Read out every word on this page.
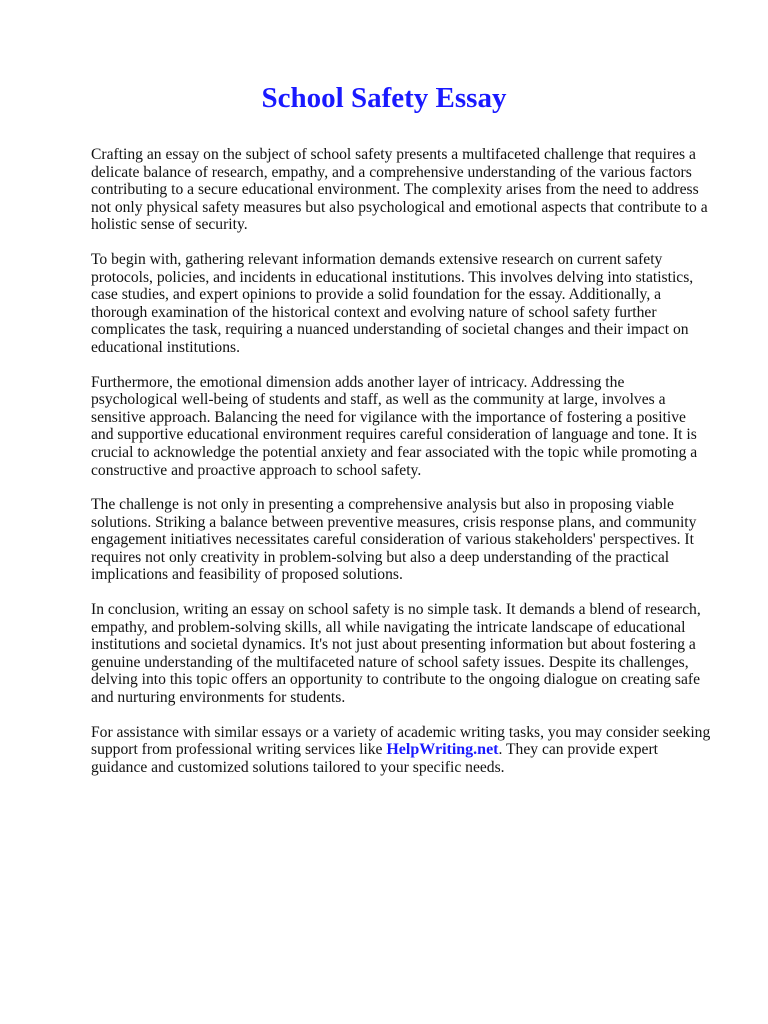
School Safety Essay

Crafting an essay on the subject of school safety presents a multifaceted challenge that requires a delicate balance of research, empathy, and a comprehensive understanding of the various factors contributing to a secure educational environment. The complexity arises from the need to address not only physical safety measures but also psychological and emotional aspects that contribute to a holistic sense of security.

To begin with, gathering relevant information demands extensive research on current safety protocols, policies, and incidents in educational institutions. This involves delving into statistics, case studies, and expert opinions to provide a solid foundation for the essay. Additionally, a thorough examination of the historical context and evolving nature of school safety further complicates the task, requiring a nuanced understanding of societal changes and their impact on educational institutions.

Furthermore, the emotional dimension adds another layer of intricacy. Addressing the psychological well-being of students and staff, as well as the community at large, involves a sensitive approach. Balancing the need for vigilance with the importance of fostering a positive and supportive educational environment requires careful consideration of language and tone. It is crucial to acknowledge the potential anxiety and fear associated with the topic while promoting a constructive and proactive approach to school safety.

The challenge is not only in presenting a comprehensive analysis but also in proposing viable solutions. Striking a balance between preventive measures, crisis response plans, and community engagement initiatives necessitates careful consideration of various stakeholders' perspectives. It requires not only creativity in problem-solving but also a deep understanding of the practical implications and feasibility of proposed solutions.

In conclusion, writing an essay on school safety is no simple task. It demands a blend of research, empathy, and problem-solving skills, all while navigating the intricate landscape of educational institutions and societal dynamics. It's not just about presenting information but about fostering a genuine understanding of the multifaceted nature of school safety issues. Despite its challenges, delving into this topic offers an opportunity to contribute to the ongoing dialogue on creating safe and nurturing environments for students.

For assistance with similar essays or a variety of academic writing tasks, you may consider seeking support from professional writing services like HelpWriting.net. They can provide expert guidance and customized solutions tailored to your specific needs.
